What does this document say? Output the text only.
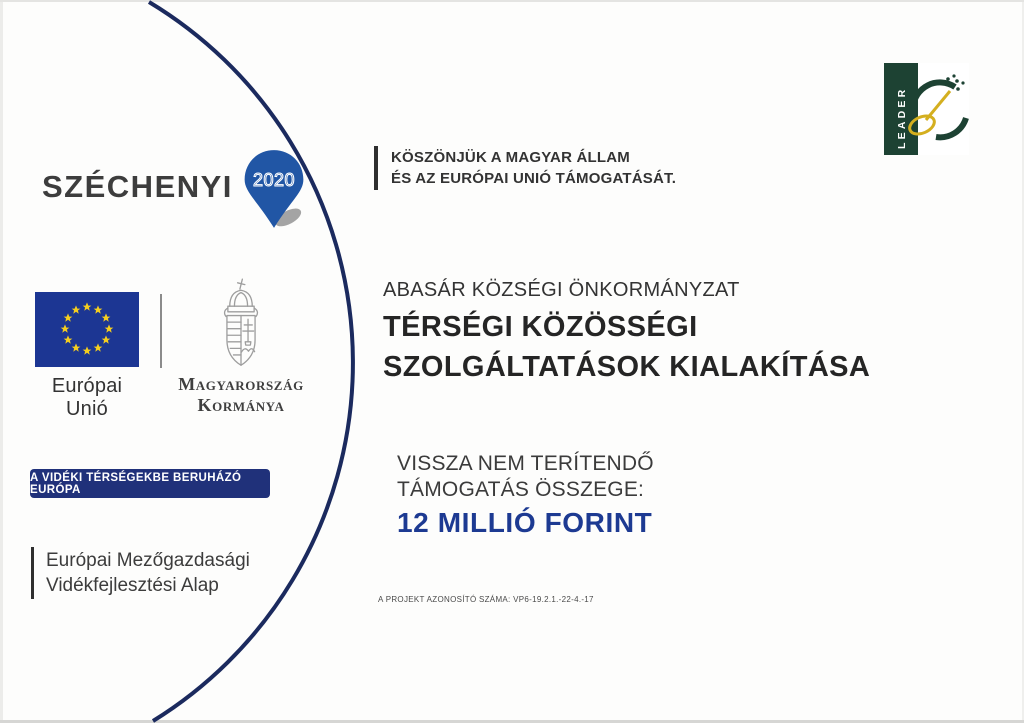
SZÉCHENYI 2020
LEADER
KÖSZÖNJÜK A MAGYAR ÁLLAM
ÉS AZ EURÓPAI UNIÓ TÁMOGATÁSÁT.
ABASÁR KÖZSÉGI ÖNKORMÁNYZAT
TÉRSÉGI KÖZÖSSÉGI
SZOLGÁLTATÁSOK KIALAKÍTÁSA
VISSZA NEM TERÍTENDŐ
TÁMOGATÁS ÖSSZEGE:
12 MILLIÓ FORINT
A PROJEKT AZONOSÍTÓ SZÁMA: VP6-19.2.1.-22-4.-17
Európai Unió
Magyarország
Kormánya
A VIDÉKI TÉRSÉGEKBE BERUHÁZÓ EURÓPA
Európai Mezőgazdasági
Vidékfejlesztési Alap
